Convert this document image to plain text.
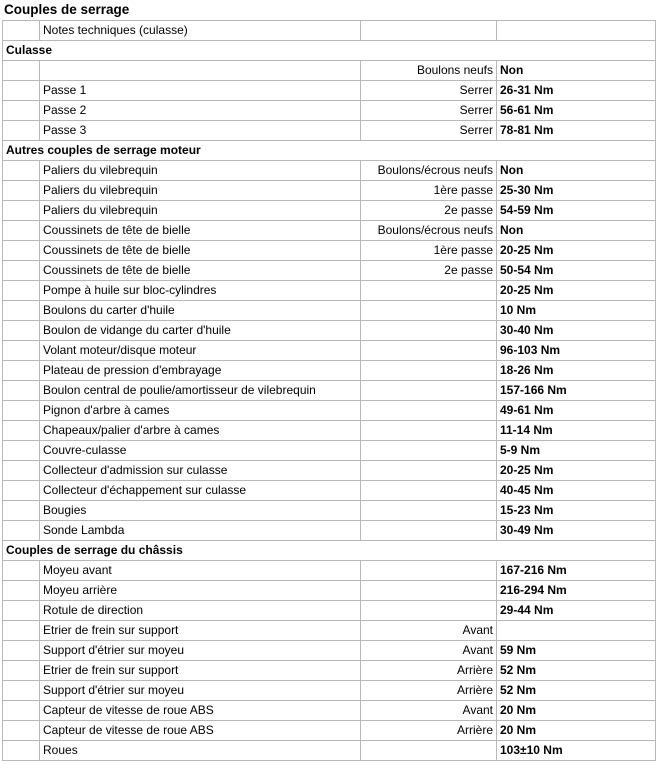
Couples de serrage
	Notes techniques (culasse)		
Culasse			
		Boulons neufs	Non
	Passe 1	Serrer	26-31 Nm
	Passe 2	Serrer	56-61 Nm
	Passe 3	Serrer	78-81 Nm
Autres couples de serrage moteur			
	Paliers du vilebrequin	Boulons/écrous neufs	Non
	Paliers du vilebrequin	1ère passe	25-30 Nm
	Paliers du vilebrequin	2e passe	54-59 Nm
	Coussinets de tête de bielle	Boulons/écrous neufs	Non
	Coussinets de tête de bielle	1ère passe	20-25 Nm
	Coussinets de tête de bielle	2e passe	50-54 Nm
	Pompe à huile sur bloc-cylindres		20-25 Nm
	Boulons du carter d'huile		10 Nm
	Boulon de vidange du carter d'huile		30-40 Nm
	Volant moteur/disque moteur		96-103 Nm
	Plateau de pression d'embrayage		18-26 Nm
	Boulon central de poulie/amortisseur de vilebrequin		157-166 Nm
	Pignon d'arbre à cames		49-61 Nm
	Chapeaux/palier d'arbre à cames		11-14 Nm
	Couvre-culasse		5-9 Nm
	Collecteur d'admission sur culasse		20-25 Nm
	Collecteur d'échappement sur culasse		40-45 Nm
	Bougies		15-23 Nm
	Sonde Lambda		30-49 Nm
Couples de serrage du châssis			
	Moyeu avant		167-216 Nm
	Moyeu arrière		216-294 Nm
	Rotule de direction		29-44 Nm
	Etrier de frein sur support	Avant	
	Support d'étrier sur moyeu	Avant	59 Nm
	Etrier de frein sur support	Arrière	52 Nm
	Support d'étrier sur moyeu	Arrière	52 Nm
	Capteur de vitesse de roue ABS	Avant	20 Nm
	Capteur de vitesse de roue ABS	Arrière	20 Nm
	Roues		103±10 Nm
